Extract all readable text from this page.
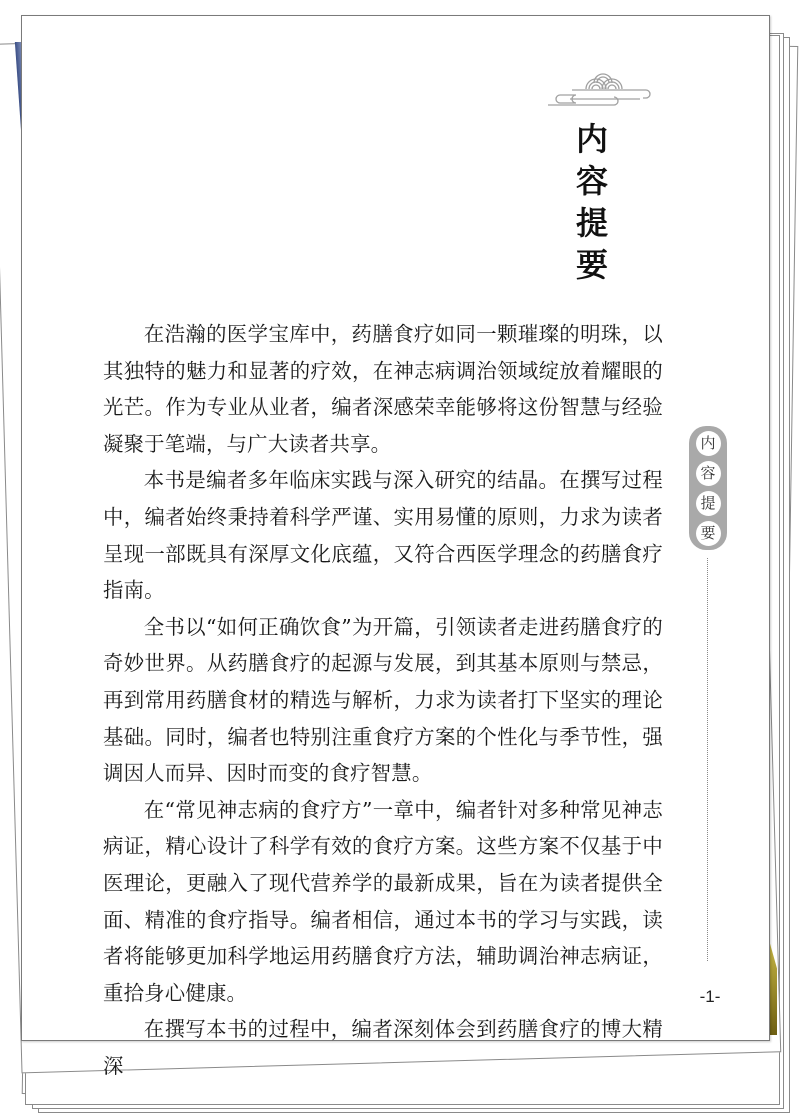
内
容
提
要
内
容
提
要

在浩瀚的医学宝库中，药膳食疗如同一颗璀璨的明珠，以其独特的魅力和显著的疗效，在神志病调治领域绽放着耀眼的光芒。作为专业从业者，编者深感荣幸能够将这份智慧与经验凝聚于笔端，与广大读者共享。

本书是编者多年临床实践与深入研究的结晶。在撰写过程中，编者始终秉持着科学严谨、实用易懂的原则，力求为读者呈现一部既具有深厚文化底蕴，又符合西医学理念的药膳食疗指南。

全书以“如何正确饮食”为开篇，引领读者走进药膳食疗的奇妙世界。从药膳食疗的起源与发展，到其基本原则与禁忌，再到常用药膳食材的精选与解析，力求为读者打下坚实的理论基础。同时，编者也特别注重食疗方案的个性化与季节性，强调因人而异、因时而变的食疗智慧。

在“常见神志病的食疗方”一章中，编者针对多种常见神志病证，精心设计了科学有效的食疗方案。这些方案不仅基于中医理论，更融入了现代营养学的最新成果，旨在为读者提供全面、精准的食疗指导。编者相信，通过本书的学习与实践，读者将能够更加科学地运用药膳食疗方法，辅助调治神志病证，重拾身心健康。

在撰写本书的过程中，编者深刻体会到药膳食疗的博大精深

-1-
